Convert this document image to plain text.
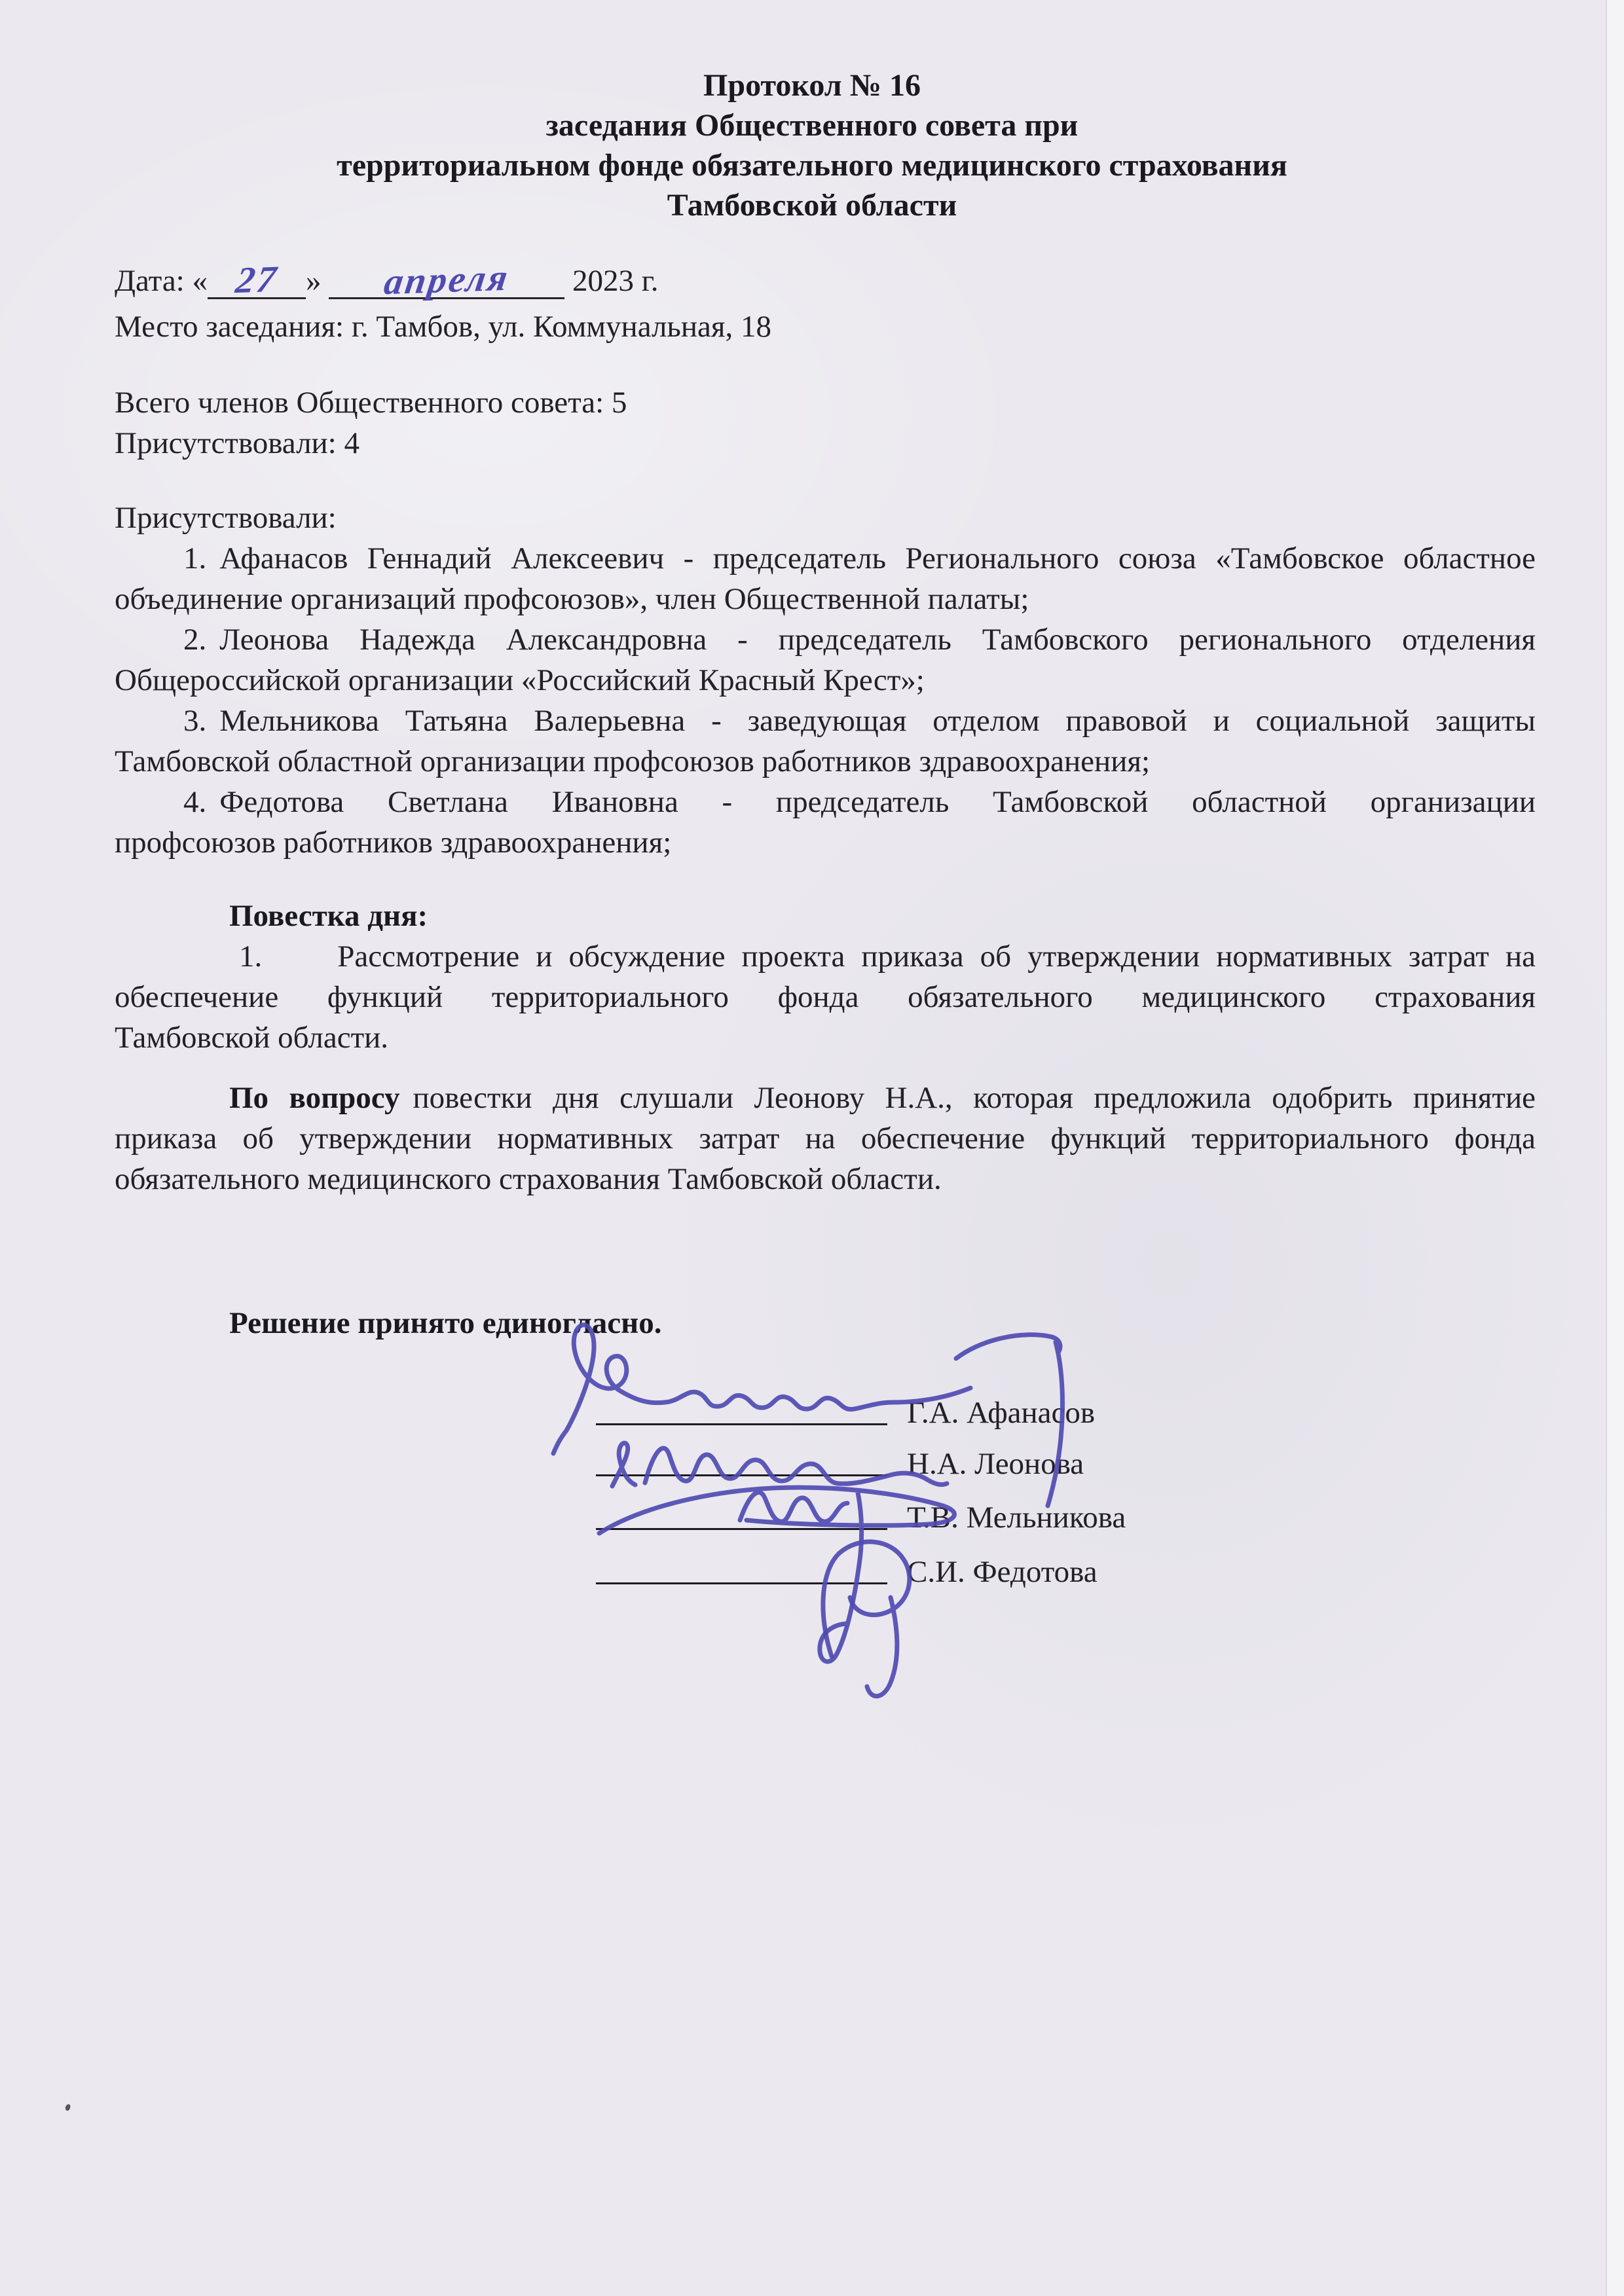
Протокол № 16
заседания Общественного совета при
территориальном фонде обязательного медицинского страхования
Тамбовской области
Дата: « 27 » апреля 2023 г.
Место заседания: г. Тамбов, ул. Коммунальная, 18
Всего членов Общественного совета: 5
Присутствовали: 4
Присутствовали:
1. Афанасов Геннадий Алексеевич - председатель Регионального союза «Тамбовское областное
объединение организаций профсоюзов», член Общественной палаты;
2. Леонова Надежда Александровна - председатель Тамбовского регионального отделения
Общероссийской организации «Российский Красный Крест»;
3. Мельникова Татьяна Валерьевна - заведующая отделом правовой и социальной защиты
Тамбовской областной организации профсоюзов работников здравоохранения;
4. Федотова Светлана Ивановна - председатель Тамбовской областной организации
профсоюзов работников здравоохранения;
Повестка дня:
1. Рассмотрение и обсуждение проекта приказа об утверждении нормативных затрат на
обеспечение функций территориального фонда обязательного медицинского страхования
Тамбовской области.
По вопросу повестки дня слушали Леонову Н.А., которая предложила одобрить принятие
приказа об утверждении нормативных затрат на обеспечение функций территориального фонда
обязательного медицинского страхования Тамбовской области.
Решение принято единогласно.
Г.А. Афанасов
Н.А. Леонова
Т.В. Мельникова
С.И. Федотова
